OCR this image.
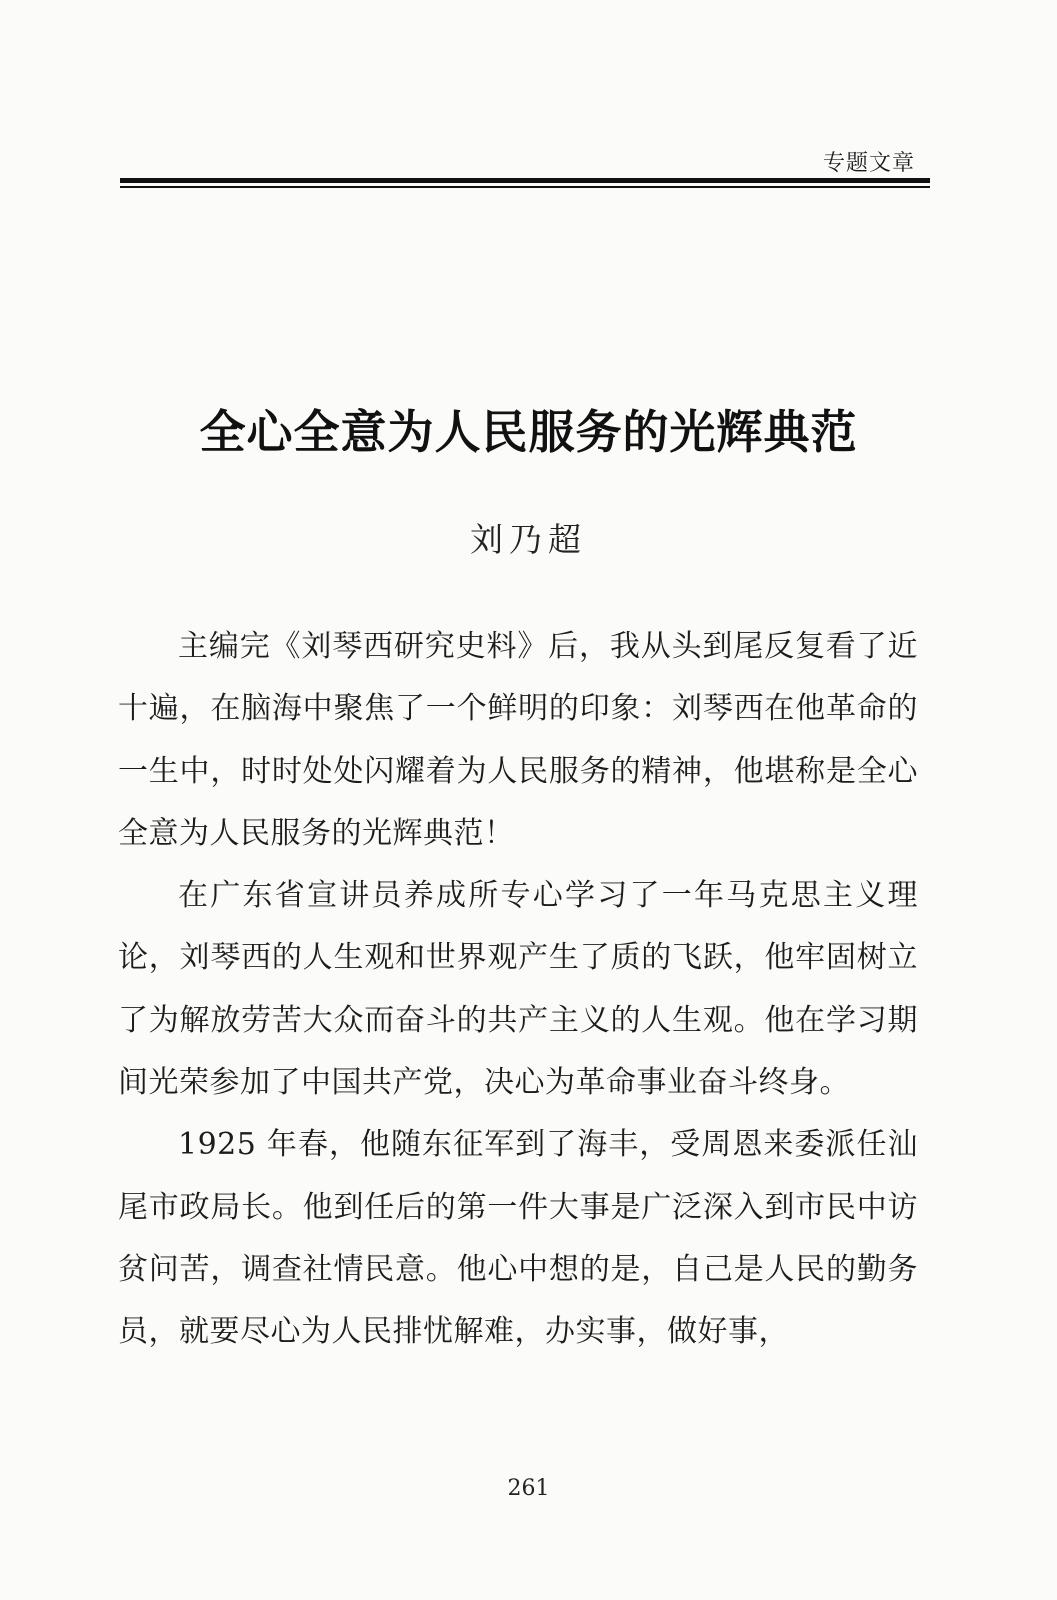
专题文章
全心全意为人民服务的光辉典范
刘乃超

主编完《刘琴西研究史料》后，我从头到尾反复看了近十遍，在脑海中聚焦了一个鲜明的印象：刘琴西在他革命的一生中，时时处处闪耀着为人民服务的精神，他堪称是全心全意为人民服务的光辉典范！

在广东省宣讲员养成所专心学习了一年马克思主义理论，刘琴西的人生观和世界观产生了质的飞跃，他牢固树立了为解放劳苦大众而奋斗的共产主义的人生观。他在学习期间光荣参加了中国共产党，决心为革命事业奋斗终身。

1925 年春，他随东征军到了海丰，受周恩来委派任汕尾市政局长。他到任后的第一件大事是广泛深入到市民中访贫问苦，调查社情民意。他心中想的是，自己是人民的勤务员，就要尽心为人民排忧解难，办实事，做好事，

261
